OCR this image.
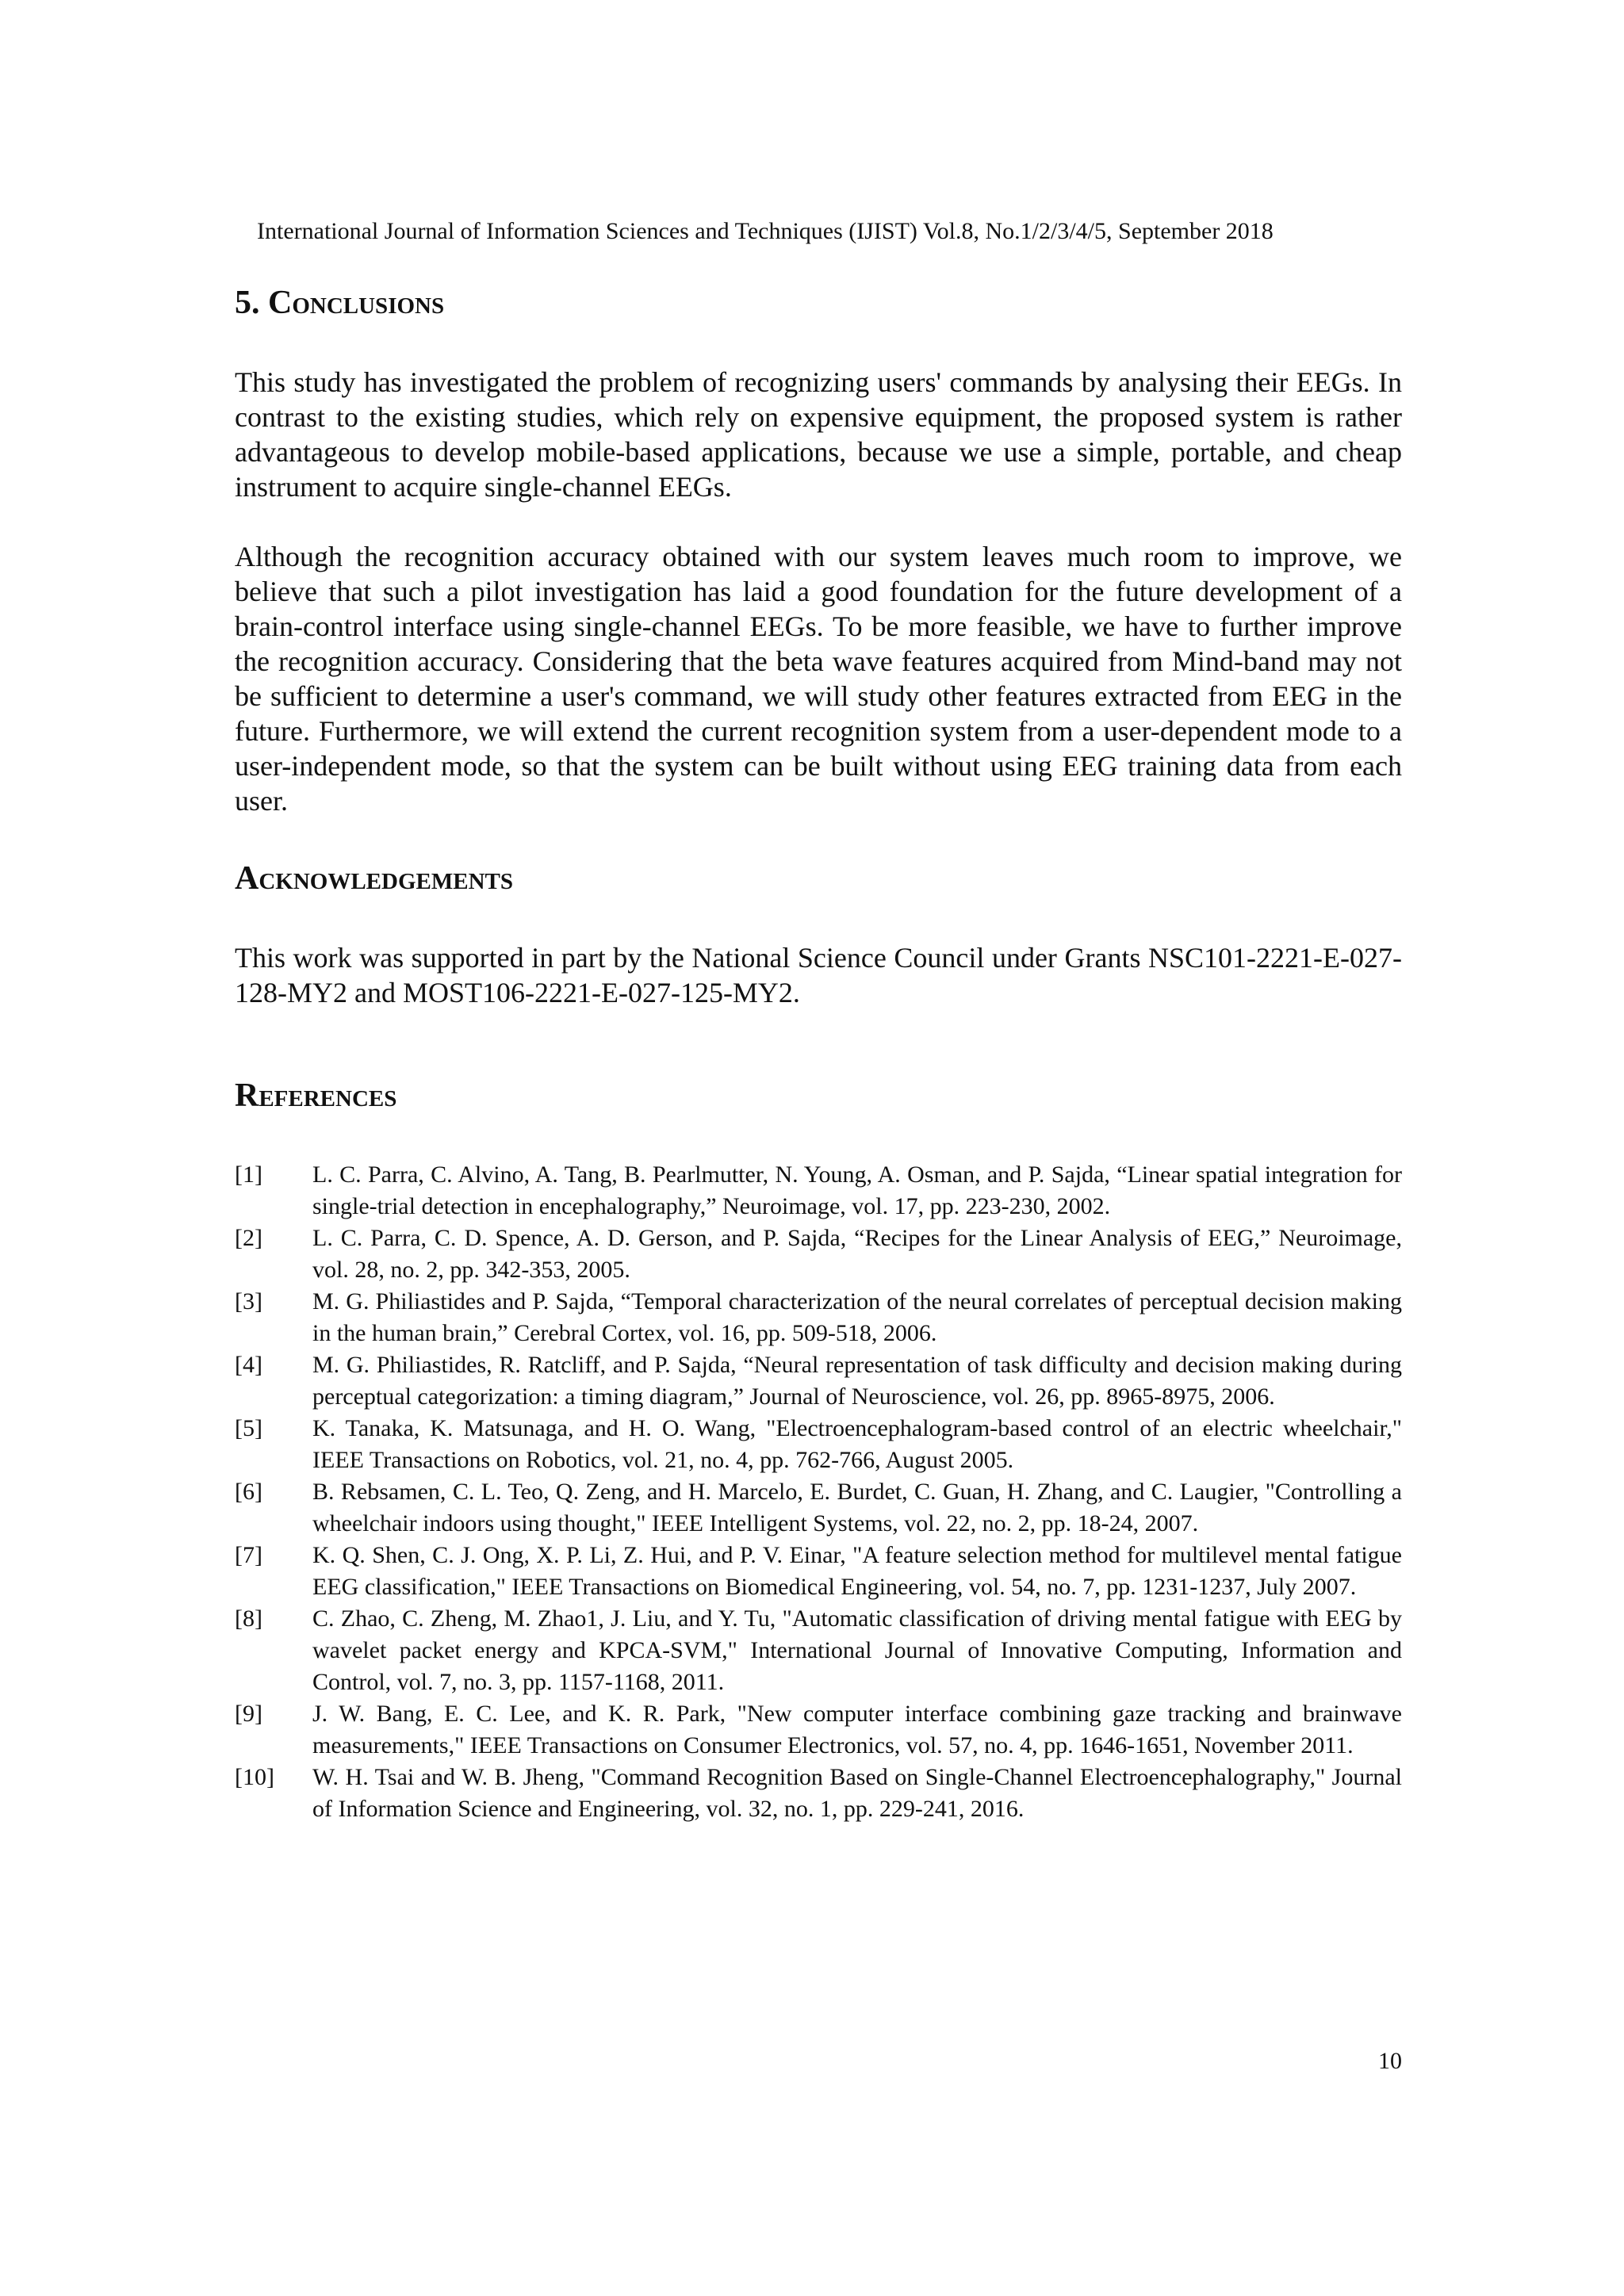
International Journal of Information Sciences and Techniques (IJIST) Vol.8, No.1/2/3/4/5, September 2018
5. Conclusions

This study has investigated the problem of recognizing users' commands by analysing their EEGs. In contrast to the existing studies, which rely on expensive equipment, the proposed system is rather advantageous to develop mobile-based applications, because we use a simple, portable, and cheap instrument to acquire single-channel EEGs.

Although the recognition accuracy obtained with our system leaves much room to improve, we believe that such a pilot investigation has laid a good foundation for the future development of a brain-control interface using single-channel EEGs. To be more feasible, we have to further improve the recognition accuracy. Considering that the beta wave features acquired from Mind-band may not be sufficient to determine a user's command, we will study other features extracted from EEG in the future. Furthermore, we will extend the current recognition system from a user-dependent mode to a user-independent mode, so that the system can be built without using EEG training data from each user.

Acknowledgements

This work was supported in part by the National Science Council under Grants NSC101-2221-E-027-128-MY2 and MOST106-2221-E-027-125-MY2.

References
[1]	L. C. Parra, C. Alvino, A. Tang, B. Pearlmutter, N. Young, A. Osman, and P. Sajda, “Linear spatial integration for single-trial detection in encephalography,” Neuroimage, vol. 17, pp. 223-230, 2002.
[2]	L. C. Parra, C. D. Spence, A. D. Gerson, and P. Sajda, “Recipes for the Linear Analysis of EEG,” Neuroimage, vol. 28, no. 2, pp. 342-353, 2005.
[3]	M. G. Philiastides and P. Sajda, “Temporal characterization of the neural correlates of perceptual decision making in the human brain,” Cerebral Cortex, vol. 16, pp. 509-518, 2006.
[4]	M. G. Philiastides, R. Ratcliff, and P. Sajda, “Neural representation of task difficulty and decision making during perceptual categorization: a timing diagram,” Journal of Neuroscience, vol. 26, pp. 8965-8975, 2006.
[5]	K. Tanaka, K. Matsunaga, and H. O. Wang, "Electroencephalogram-based control of an electric wheelchair," IEEE Transactions on Robotics, vol. 21, no. 4, pp. 762-766, August 2005.
[6]	B. Rebsamen, C. L. Teo, Q. Zeng, and H. Marcelo, E. Burdet, C. Guan, H. Zhang, and C. Laugier, "Controlling a wheelchair indoors using thought," IEEE Intelligent Systems, vol. 22, no. 2, pp. 18-24, 2007.
[7]	K. Q. Shen, C. J. Ong, X. P. Li, Z. Hui, and P. V. Einar, "A feature selection method for multilevel mental fatigue EEG classification," IEEE Transactions on Biomedical Engineering, vol. 54, no. 7, pp. 1231-1237, July 2007.
[8]	C. Zhao, C. Zheng, M. Zhao1, J. Liu, and Y. Tu, "Automatic classification of driving mental fatigue with EEG by wavelet packet energy and KPCA-SVM," International Journal of Innovative Computing, Information and Control, vol. 7, no. 3, pp. 1157-1168, 2011.
[9]	J. W. Bang, E. C. Lee, and K. R. Park, "New computer interface combining gaze tracking and brainwave measurements," IEEE Transactions on Consumer Electronics, vol. 57, no. 4, pp. 1646-1651, November 2011.
[10]	W. H. Tsai and W. B. Jheng, "Command Recognition Based on Single-Channel Electroencephalography," Journal of Information Science and Engineering, vol. 32, no. 1, pp. 229-241, 2016.
10
